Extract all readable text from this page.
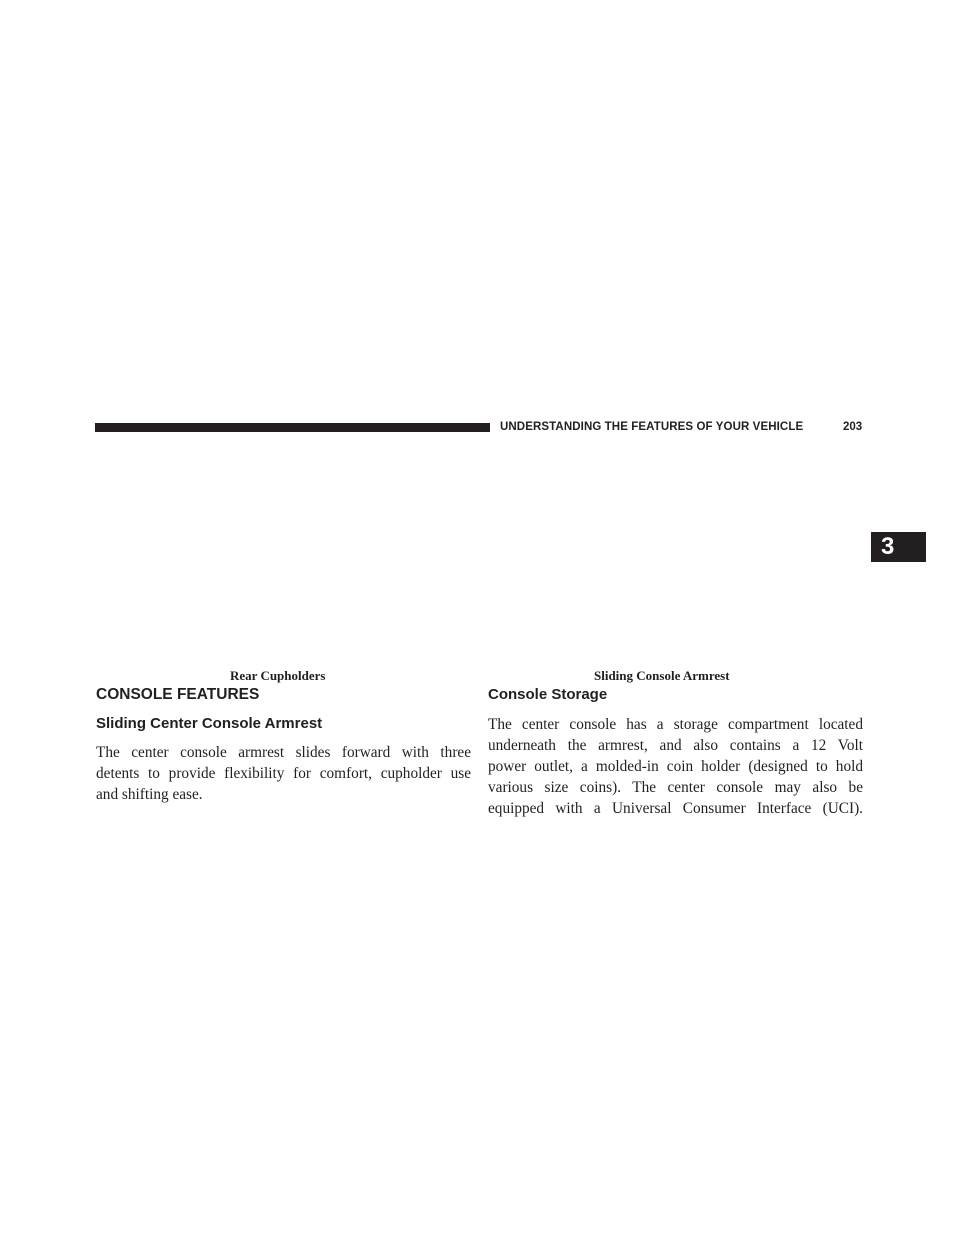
UNDERSTANDING THE FEATURES OF YOUR VEHICLE	203
3
Rear Cupholders	Sliding Console Armrest
CONSOLE FEATURES
Sliding Center Console Armrest
The center console armrest slides forward with three
detents to provide flexibility for comfort, cupholder use
and shifting ease.
Console Storage
The center console has a storage compartment located
underneath the armrest, and also contains a 12 Volt
power outlet, a molded-in coin holder (designed to hold
various size coins). The center console may also be
equipped with a Universal Consumer Interface (UCI).
